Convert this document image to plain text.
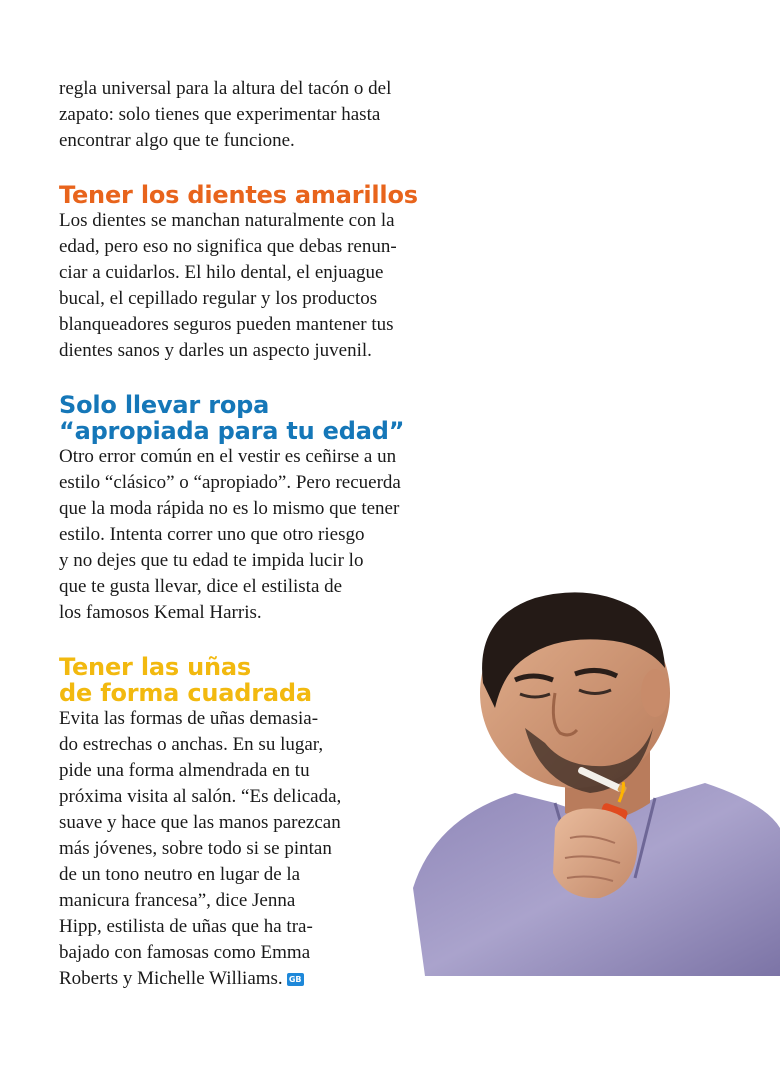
regla universal para la altura del tacón o del
zapato: solo tienes que experimentar hasta
encontrar algo que te funcione.

Tener los dientes amarillos

Los dientes se manchan naturalmente con la
edad, pero eso no significa que debas renun-
ciar a cuidarlos. El hilo dental, el enjuague
bucal, el cepillado regular y los productos
blanqueadores seguros pueden mantener tus
dientes sanos y darles un aspecto juvenil.

Solo llevar ropa
“apropiada para tu edad”

Otro error común en el vestir es ceñirse a un
estilo “clásico” o “apropiado”. Pero recuerda
que la moda rápida no es lo mismo que tener
estilo. Intenta correr uno que otro riesgo
y no dejes que tu edad te impida lucir lo
que te gusta llevar, dice el estilista de
los famosos Kemal Harris.

Tener las uñas
de forma cuadrada

Evita las formas de uñas demasia-
do estrechas o anchas. En su lugar,
pide una forma almendrada en tu
próxima visita al salón. “Es delicada,
suave y hace que las manos parezcan
más jóvenes, sobre todo si se pintan
de un tono neutro en lugar de la
manicura francesa”, dice Jenna
Hipp, estilista de uñas que ha tra-
bajado con famosas como Emma
Roberts y Michelle Williams. GB
